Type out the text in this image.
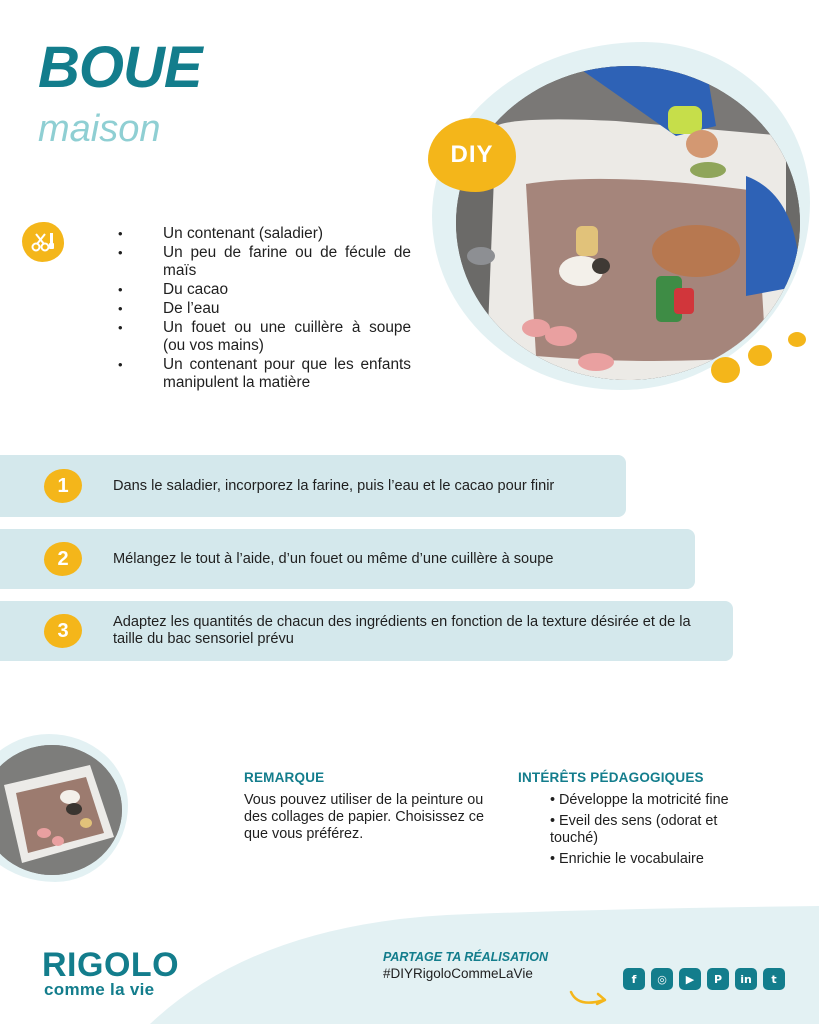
BOUE
maison
DIY
•	Un contenant (saladier)
•	Un peu de farine ou de fécule de maïs
•	Du cacao
•	De l’eau
•	Un fouet ou une cuillère à soupe (ou vos mains)
•	Un contenant pour que les enfants manipulent la matière
1	Dans le saladier, incorporez la farine, puis l’eau et le cacao pour finir
2	Mélangez le tout à l’aide, d’un fouet ou même d’une cuillère à soupe
3	Adaptez les quantités de chacun des ingrédients en fonction de la texture désirée et de la taille du bac sensoriel prévu
REMARQUE
Vous pouvez utiliser de la peinture ou des collages de papier. Choisissez ce que vous préférez.
INTÉRÊTS PÉDAGOGIQUES
• Développe la motricité fine
• Eveil des sens (odorat et touché)
• Enrichie le vocabulaire
RIGOLO
comme la vie
PARTAGE TA RÉALISATION
#DIYRigoloCommeLaVie	f	◎	▶	P	in	t
